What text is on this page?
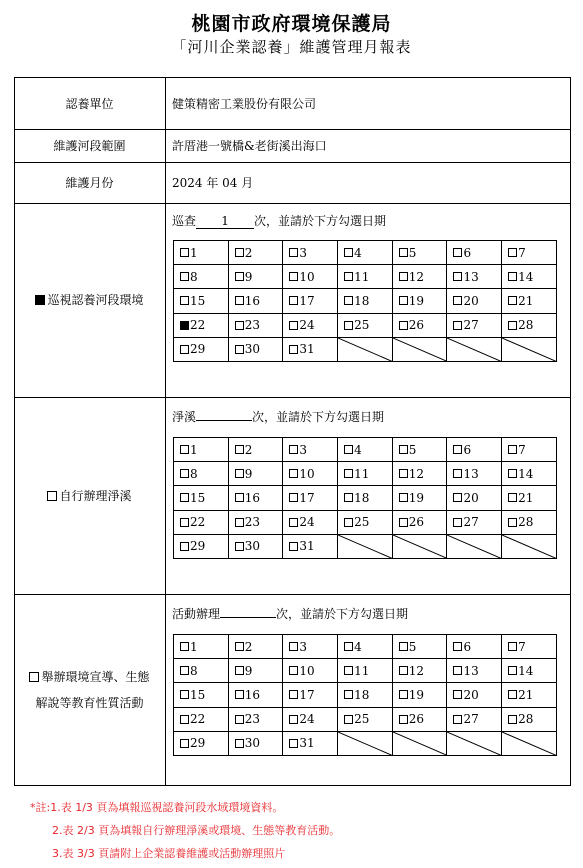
桃園市政府環境保護局
「河川企業認養」維護管理月報表
認養單位	健策精密工業股份有限公司
維護河段範圍	許厝港一號橋&老街溪出海口
維護月份	2024 年 04 月
巡視認養河段環境
巡查 1 次，並請於下方勾選日期
1	2	3	4	5	6	7

8	9	10	11	12	13	14

15	16	17	18	19	20	21

22	23	24	25	26	27	28

29	30	31

自行辦理淨溪
淨溪	次，並請於下方勾選日期
1	2	3	4	5	6	7

8	9	10	11	12	13	14

15	16	17	18	19	20	21

22	23	24	25	26	27	28

29	30	31

舉辦環境宣導、生態
解說等教育性質活動
活動辦理	次，並請於下方勾選日期
1	2	3	4	5	6	7

8	9	10	11	12	13	14

15	16	17	18	19	20	21

22	23	24	25	26	27	28

29	30	31

*註:1.表 1/3 頁為填報巡視認養河段水域環境資料。
2.表 2/3 頁為填報自行辦理淨溪或環境、生態等教育活動。
3.表 3/3 頁請附上企業認養維護或活動辦理照片
